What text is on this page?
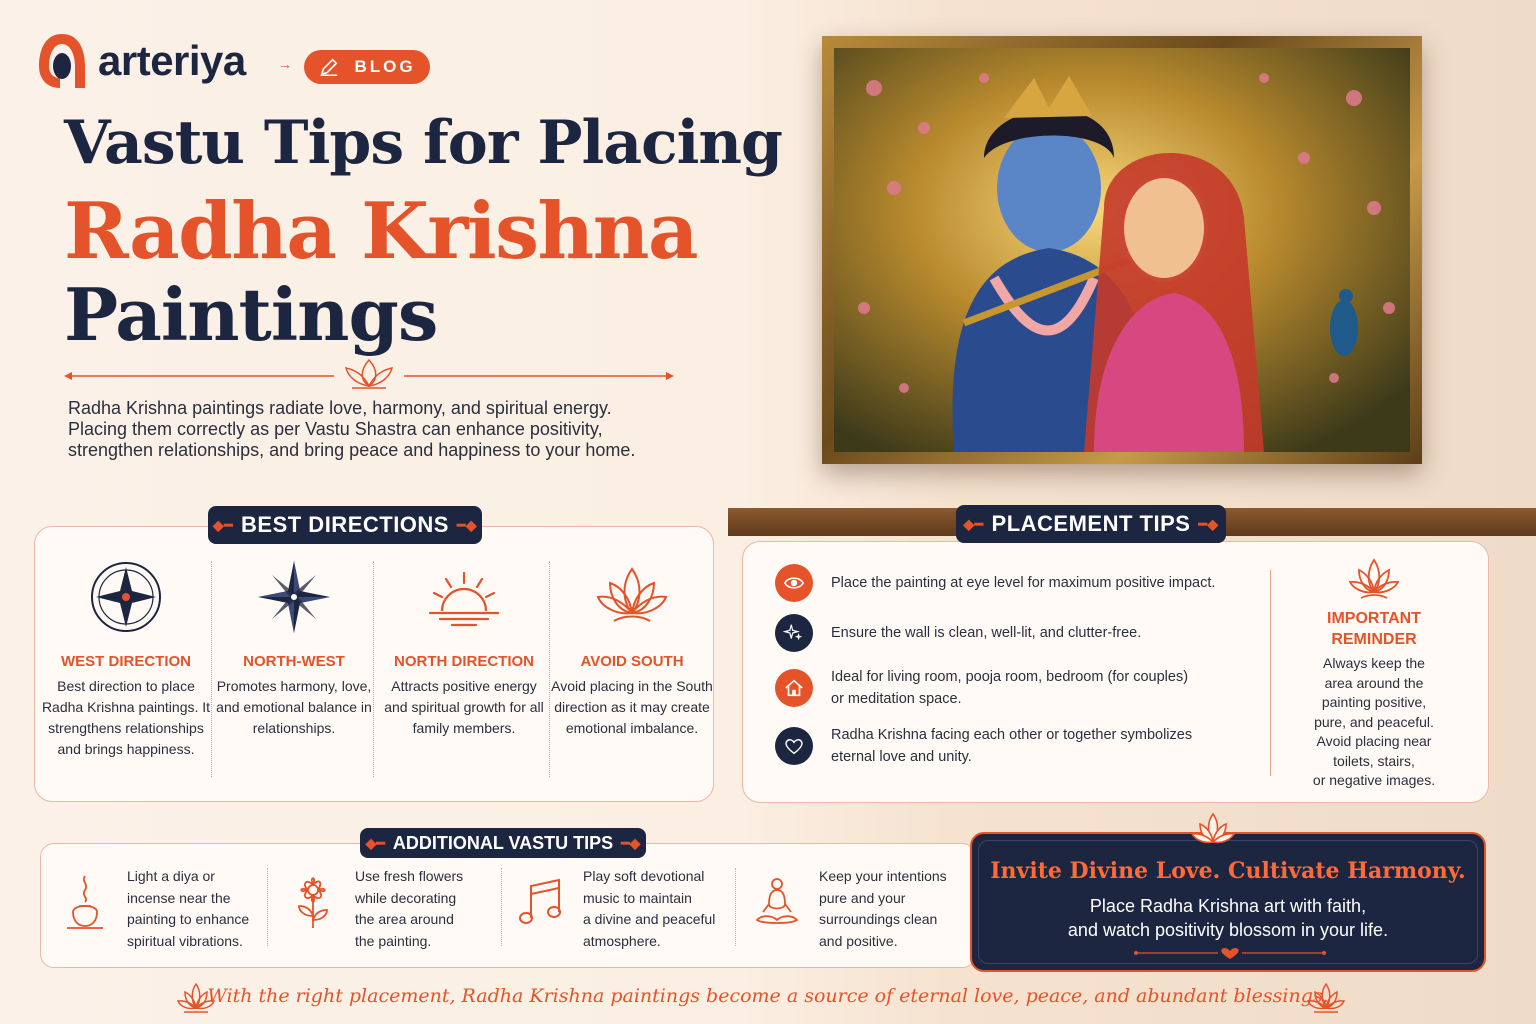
arteriya →	BLOG
Vastu Tips for Placing
Radha Krishna
Paintings

Radha Krishna paintings radiate love, harmony, and spiritual energy.

Placing them correctly as per Vastu Shastra can enhance positivity,

strengthen relationships, and bring peace and happiness to your home.

WEST DIRECTION

Best direction to place Radha Krishna paintings. It strengthens relationships and brings happiness.

NORTH-WEST

Promotes harmony, love, and emotional balance in relationships.

NORTH DIRECTION

Attracts positive energy and spiritual growth for all family members.

AVOID SOUTH

Avoid placing in the South direction as it may create emotional imbalance.

◆━ BEST DIRECTIONS ━◆

Place the painting at eye level for maximum positive impact.

Ensure the wall is clean, well-lit, and clutter-free.

Ideal for living room, pooja room, bedroom (for couples)
or meditation space.

Radha Krishna facing each other or together symbolizes
eternal love and unity.

IMPORTANT
REMINDER

Always keep the
area around the
painting positive,
pure, and peaceful.
Avoid placing near
toilets, stairs,
or negative images.

◆━ PLACEMENT TIPS ━◆

Light a diya or
incense near the
painting to enhance
spiritual vibrations.

Use fresh flowers
while decorating
the area around
the painting.

Play soft devotional
music to maintain
a divine and peaceful
atmosphere.

Keep your intentions
pure and your
surroundings clean
and positive.

◆━ ADDITIONAL VASTU TIPS ━◆
Invite Divine Love. Cultivate Harmony.

Place Radha Krishna art with faith,

and watch positivity blossom in your life.

With the right placement, Radha Krishna paintings become a source of eternal love, peace, and abundant blessings.
